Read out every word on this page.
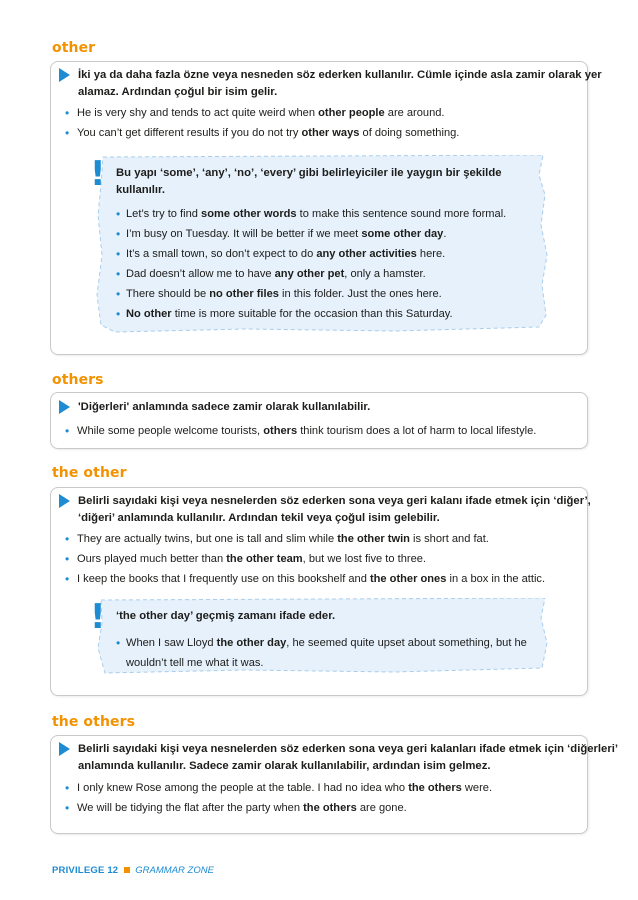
other
İki ya da daha fazla özne veya nesneden söz ederken kullanılır. Cümle içinde asla zamir olarak yer alamaz. Ardından çoğul bir isim gelir.
• He is very shy and tends to act quite weird when other people are around.
• You can’t get different results if you do not try other ways of doing something.
! Bu yapı ‘some’, ‘any’, ‘no’, ‘every’ gibi belirleyiciler ile yaygın bir şekilde kullanılır.
• Let’s try to find some other words to make this sentence sound more formal.
• I’m busy on Tuesday. It will be better if we meet some other day.
• It’s a small town, so don’t expect to do any other activities here.
• Dad doesn’t allow me to have any other pet, only a hamster.
• There should be no other files in this folder. Just the ones here.
• No other time is more suitable for the occasion than this Saturday.
others
'Diğerleri' anlamında sadece zamir olarak kullanılabilir.
• While some people welcome tourists, others think tourism does a lot of harm to local lifestyle.
the other
Belirli sayıdaki kişi veya nesnelerden söz ederken sona veya geri kalanı ifade etmek için ‘diğer’, ‘diğeri’ anlamında kullanılır. Ardından tekil veya çoğul isim gelebilir.
• They are actually twins, but one is tall and slim while the other twin is short and fat.
• Ours played much better than the other team, but we lost five to three.
• I keep the books that I frequently use on this bookshelf and the other ones in a box in the attic.
! ‘the other day’ geçmiş zamanı ifade eder.
• When I saw Lloyd the other day, he seemed quite upset about something, but he wouldn’t tell me what it was.
the others
Belirli sayıdaki kişi veya nesnelerden söz ederken sona veya geri kalanları ifade etmek için ‘diğerleri’ anlamında kullanılır. Sadece zamir olarak kullanılabilir, ardından isim gelmez.
• I only knew Rose among the people at the table. I had no idea who the others were.
• We will be tidying the flat after the party when the others are gone.
PRIVILEGE 12 GRAMMAR ZONE
